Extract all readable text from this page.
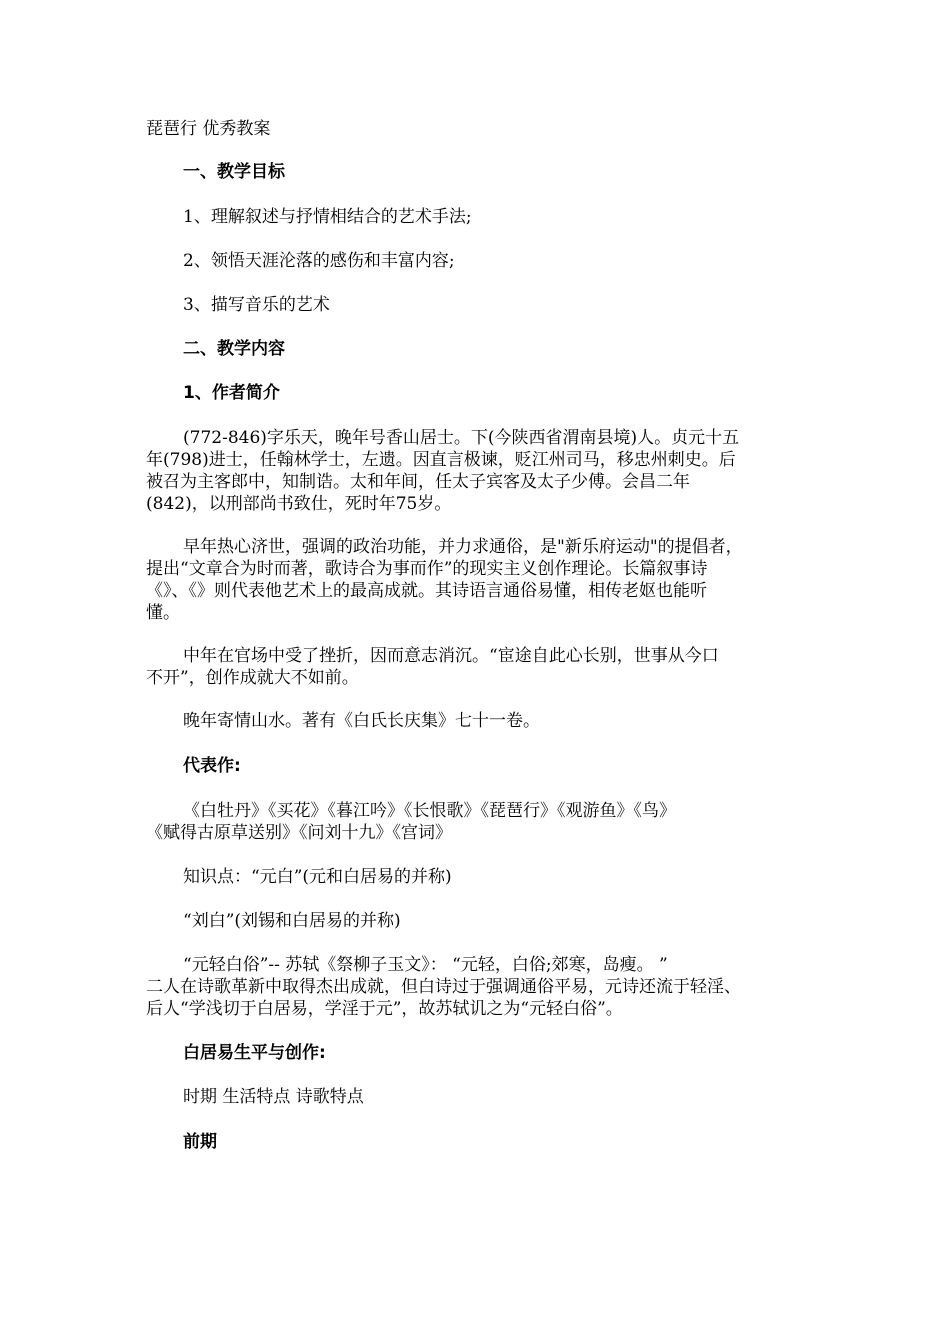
琵琶行 优秀教案
一、教学目标
1、理解叙述与抒情相结合的艺术手法;
2、领悟天涯沦落的感伤和丰富内容;
3、描写音乐的艺术
二、教学内容
1、作者简介
(772-846)字乐天，晚年号香山居士。下(今陕西省渭南县境)人。贞元十五
年(798)进士，任翰林学士，左遗。因直言极谏，贬江州司马，移忠州刺史。后
被召为主客郎中，知制诰。太和年间，任太子宾客及太子少傅。会昌二年
(842)，以刑部尚书致仕，死时年75岁。
早年热心济世，强调的政治功能，并力求通俗，是"新乐府运动"的提倡者，
提出“文章合为时而著，歌诗合为事而作”的现实主义创作理论。长篇叙事诗
《》、《》则代表他艺术上的最高成就。其诗语言通俗易懂，相传老妪也能听
懂。
中年在官场中受了挫折，因而意志消沉。“宦途自此心长别，世事从今口
不开”，创作成就大不如前。
晚年寄情山水。著有《白氏长庆集》七十一卷。
代表作:
《白牡丹》《买花》《暮江吟》《长恨歌》《琵琶行》《观游鱼》《鸟》
《赋得古原草送别》《问刘十九》《宫词》
知识点：“元白”(元和白居易的并称)
“刘白”(刘锡和白居易的并称)
“元轻白俗”-- 苏轼《祭柳子玉文》： “元轻，白俗;郊寒，岛瘦。 ”
二人在诗歌革新中取得杰出成就，但白诗过于强调通俗平易，元诗还流于轻淫、
后人“学浅切于白居易，学淫于元”，故苏轼讥之为“元轻白俗”。
白居易生平与创作:
时期 生活特点 诗歌特点
前期
